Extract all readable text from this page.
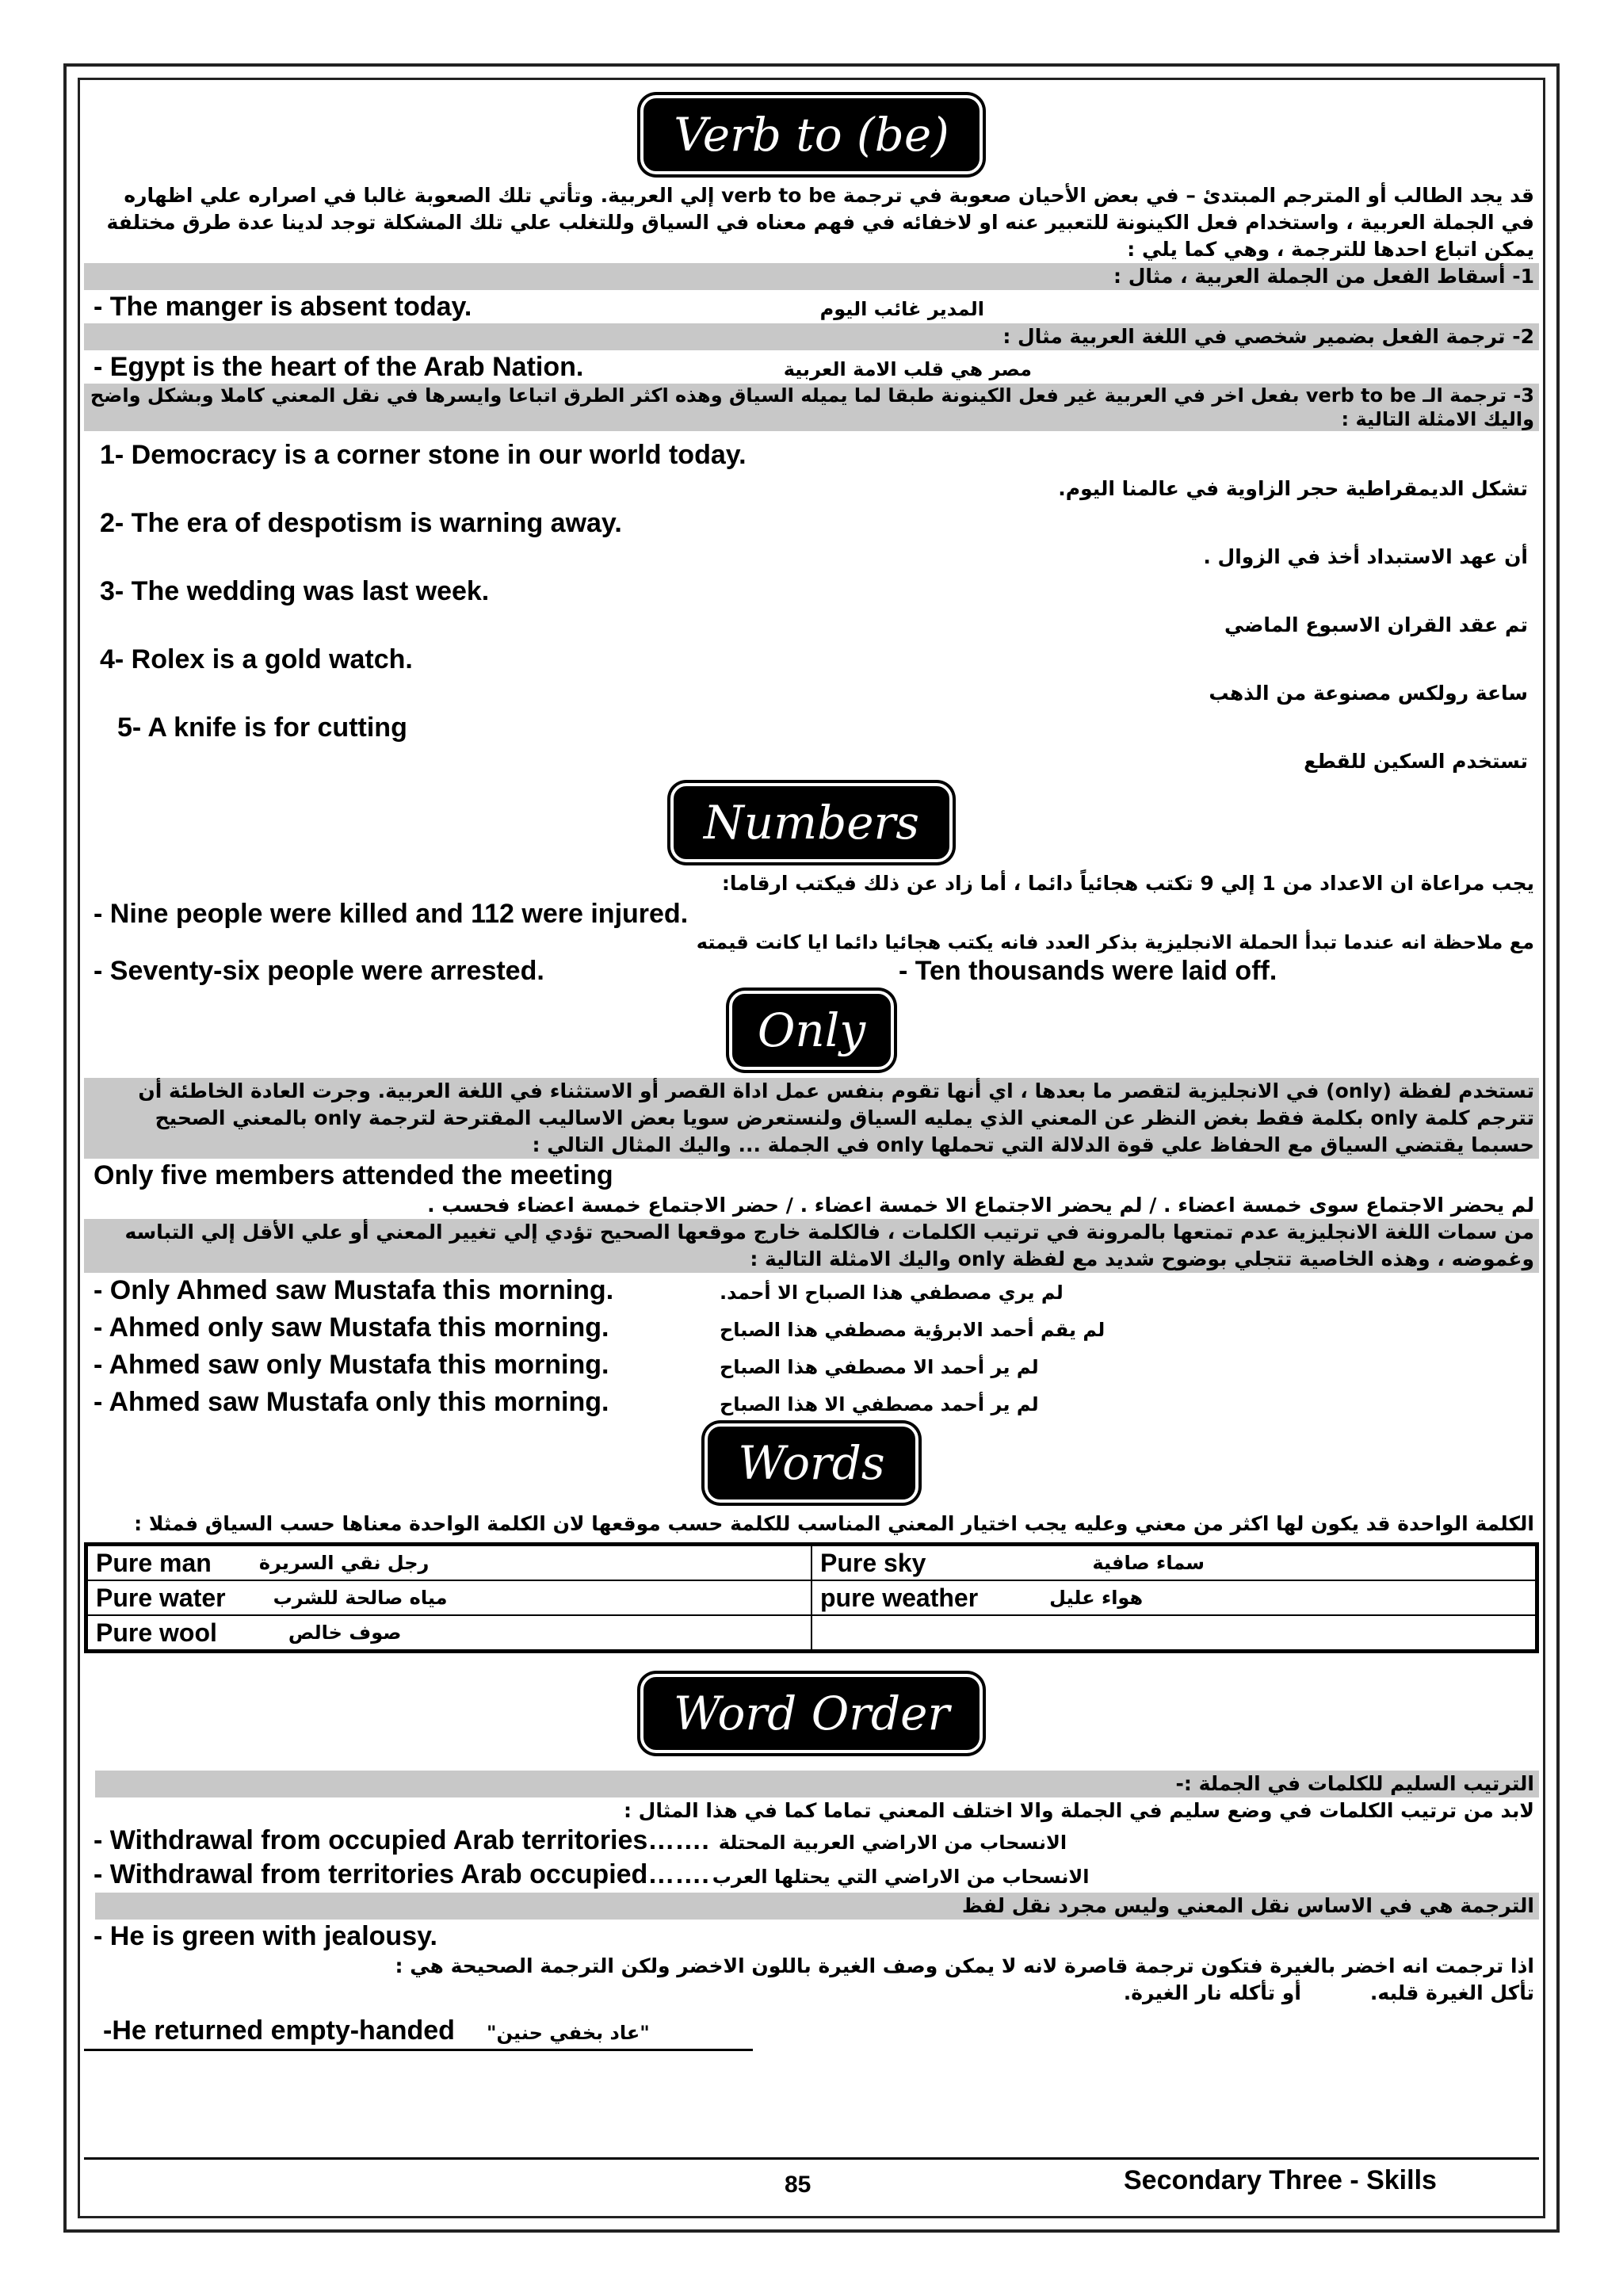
Verb to (be)
قد يجد الطالب أو المترجم المبتدئ – في بعض الأحيان صعوبة في ترجمة verb to be إلي العربية. وتأتي تلك الصعوبة غالبا في اصراره علي اظهاره في الجملة العربية ، واستخدام فعل الكينونة للتعبير عنه او لاخفائه في فهم معناه في السياق وللتغلب علي تلك المشكلة توجد لدينا عدة طرق مختلفة يمكن اتباع احدها للترجمة ، وهي كما يلي :
1- أسقاط الفعل من الجملة العربية ، مثال :
- The manger is absent today.	المدير غائب اليوم
2- ترجمة الفعل بضمير شخصي في اللغة العربية مثال :
- Egypt is the heart of the Arab Nation.	مصر هي قلب الامة العربية
3- ترجمة الـ verb to be بفعل اخر في العربية غير فعل الكينونة طبقا لما يميله السياق وهذه اكثر الطرق اتباعا وايسرها في نقل المعني كاملا وبشكل واضح واليك الامثلة التالية :
1- Democracy is a corner stone in our world today.
تشكل الديمقراطية حجر الزاوية في عالمنا اليوم.
2- The era of despotism is warning away.
أن عهد الاستبداد أخذ في الزوال .
3- The wedding was last week.
تم عقد القران الاسبوع الماضي
4- Rolex is a gold watch.
ساعة رولكس مصنوعة من الذهب
5- A knife is for cutting
تستخدم السكين للقطع
Numbers
يجب مراعاة ان الاعداد من 1 إلي 9 تكتب هجائياً دائما ، أما زاد عن ذلك فيكتب ارقاما:
- Nine people were killed and 112 were injured.
مع ملاحظة انه عندما تبدأ الحملة الانجليزية بذكر العدد فانه يكتب هجائيا دائما ايا كانت قيمته
- Seventy-six people were arrested.	- Ten thousands were laid off.
Only
تستخدم لفظة (only) في الانجليزية لتقصر ما بعدها ، اي أنها تقوم بنفس عمل اداة القصر أو الاستثناء في اللغة العربية. وجرت العادة الخاطئة أن تترجم كلمة only بكلمة فقط بغض النظر عن المعني الذي يمليه السياق ولنستعرض سويا بعض الاساليب المقترحة لترجمة only بالمعني الصحيح حسبما يقتضي السياق مع الحفاظ علي قوة الدلالة التي تحملها only في الجملة ... واليك المثال التالي :
Only five members attended the meeting
لم يحضر الاجتماع سوى خمسة اعضاء . / لم يحضر الاجتماع الا خمسة اعضاء . / حضر الاجتماع خمسة اعضاء فحسب .
من سمات اللغة الانجليزية عدم تمتعها بالمرونة في ترتيب الكلمات ، فالكلمة خارج موقعها الصحيح تؤدي إلي تغيير المعني أو علي الأقل إلي التباسه وغموضه ، وهذه الخاصية تتجلي بوضوح شديد مع لفظة only واليك الامثلة التالية :
- Only Ahmed saw Mustafa this morning.	لم يري مصطفي هذا الصباح الا أحمد.
- Ahmed only saw Mustafa this morning.	لم يقم أحمد الابرؤية مصطفي هذا الصباح
- Ahmed saw only Mustafa this morning.	لم ير أحمد الا مصطفي هذا الصباح
- Ahmed saw Mustafa only this morning.	لم ير أحمد مصطفي الا هذا الصباح
Words
الكلمة الواحدة قد يكون لها اكثر من معني وعليه يجب اختيار المعني المناسب للكلمة حسب موقعها لان الكلمة الواحدة معناها حسب السياق فمثلا :
Pure man رجل نقي السريرة	Pure sky سماء صافية

Pure water مياه صالحة للشرب	pure weather هواء عليل

Pure wool صوف خالص	

Word Order
الترتيب السليم للكلمات في الجملة :-
لابد من ترتيب الكلمات في وضع سليم في الجملة والا اختلف المعني تماما كما في هذا المثال :
- Withdrawal from occupied Arab territories……. الانسحاب من الاراضي العربية المحتلة
- Withdrawal from territories Arab occupied……. الانسحاب من الاراضي التي يحتلها العرب
الترجمة هي في الاساس نقل المعني وليس مجرد نقل لفظ
- He is green with jealousy.
اذا ترجمت انه اخضر بالغيرة فتكون ترجمة قاصرة لانه لا يمكن وصف الغيرة باللون الاخضر ولكن الترجمة الصحيحة هي :
تأكل الغيرة قلبه.          أو تأكله نار الغيرة.
-He returned empty-handed "عاد بخفي حنين"
85	Secondary Three - Skills
